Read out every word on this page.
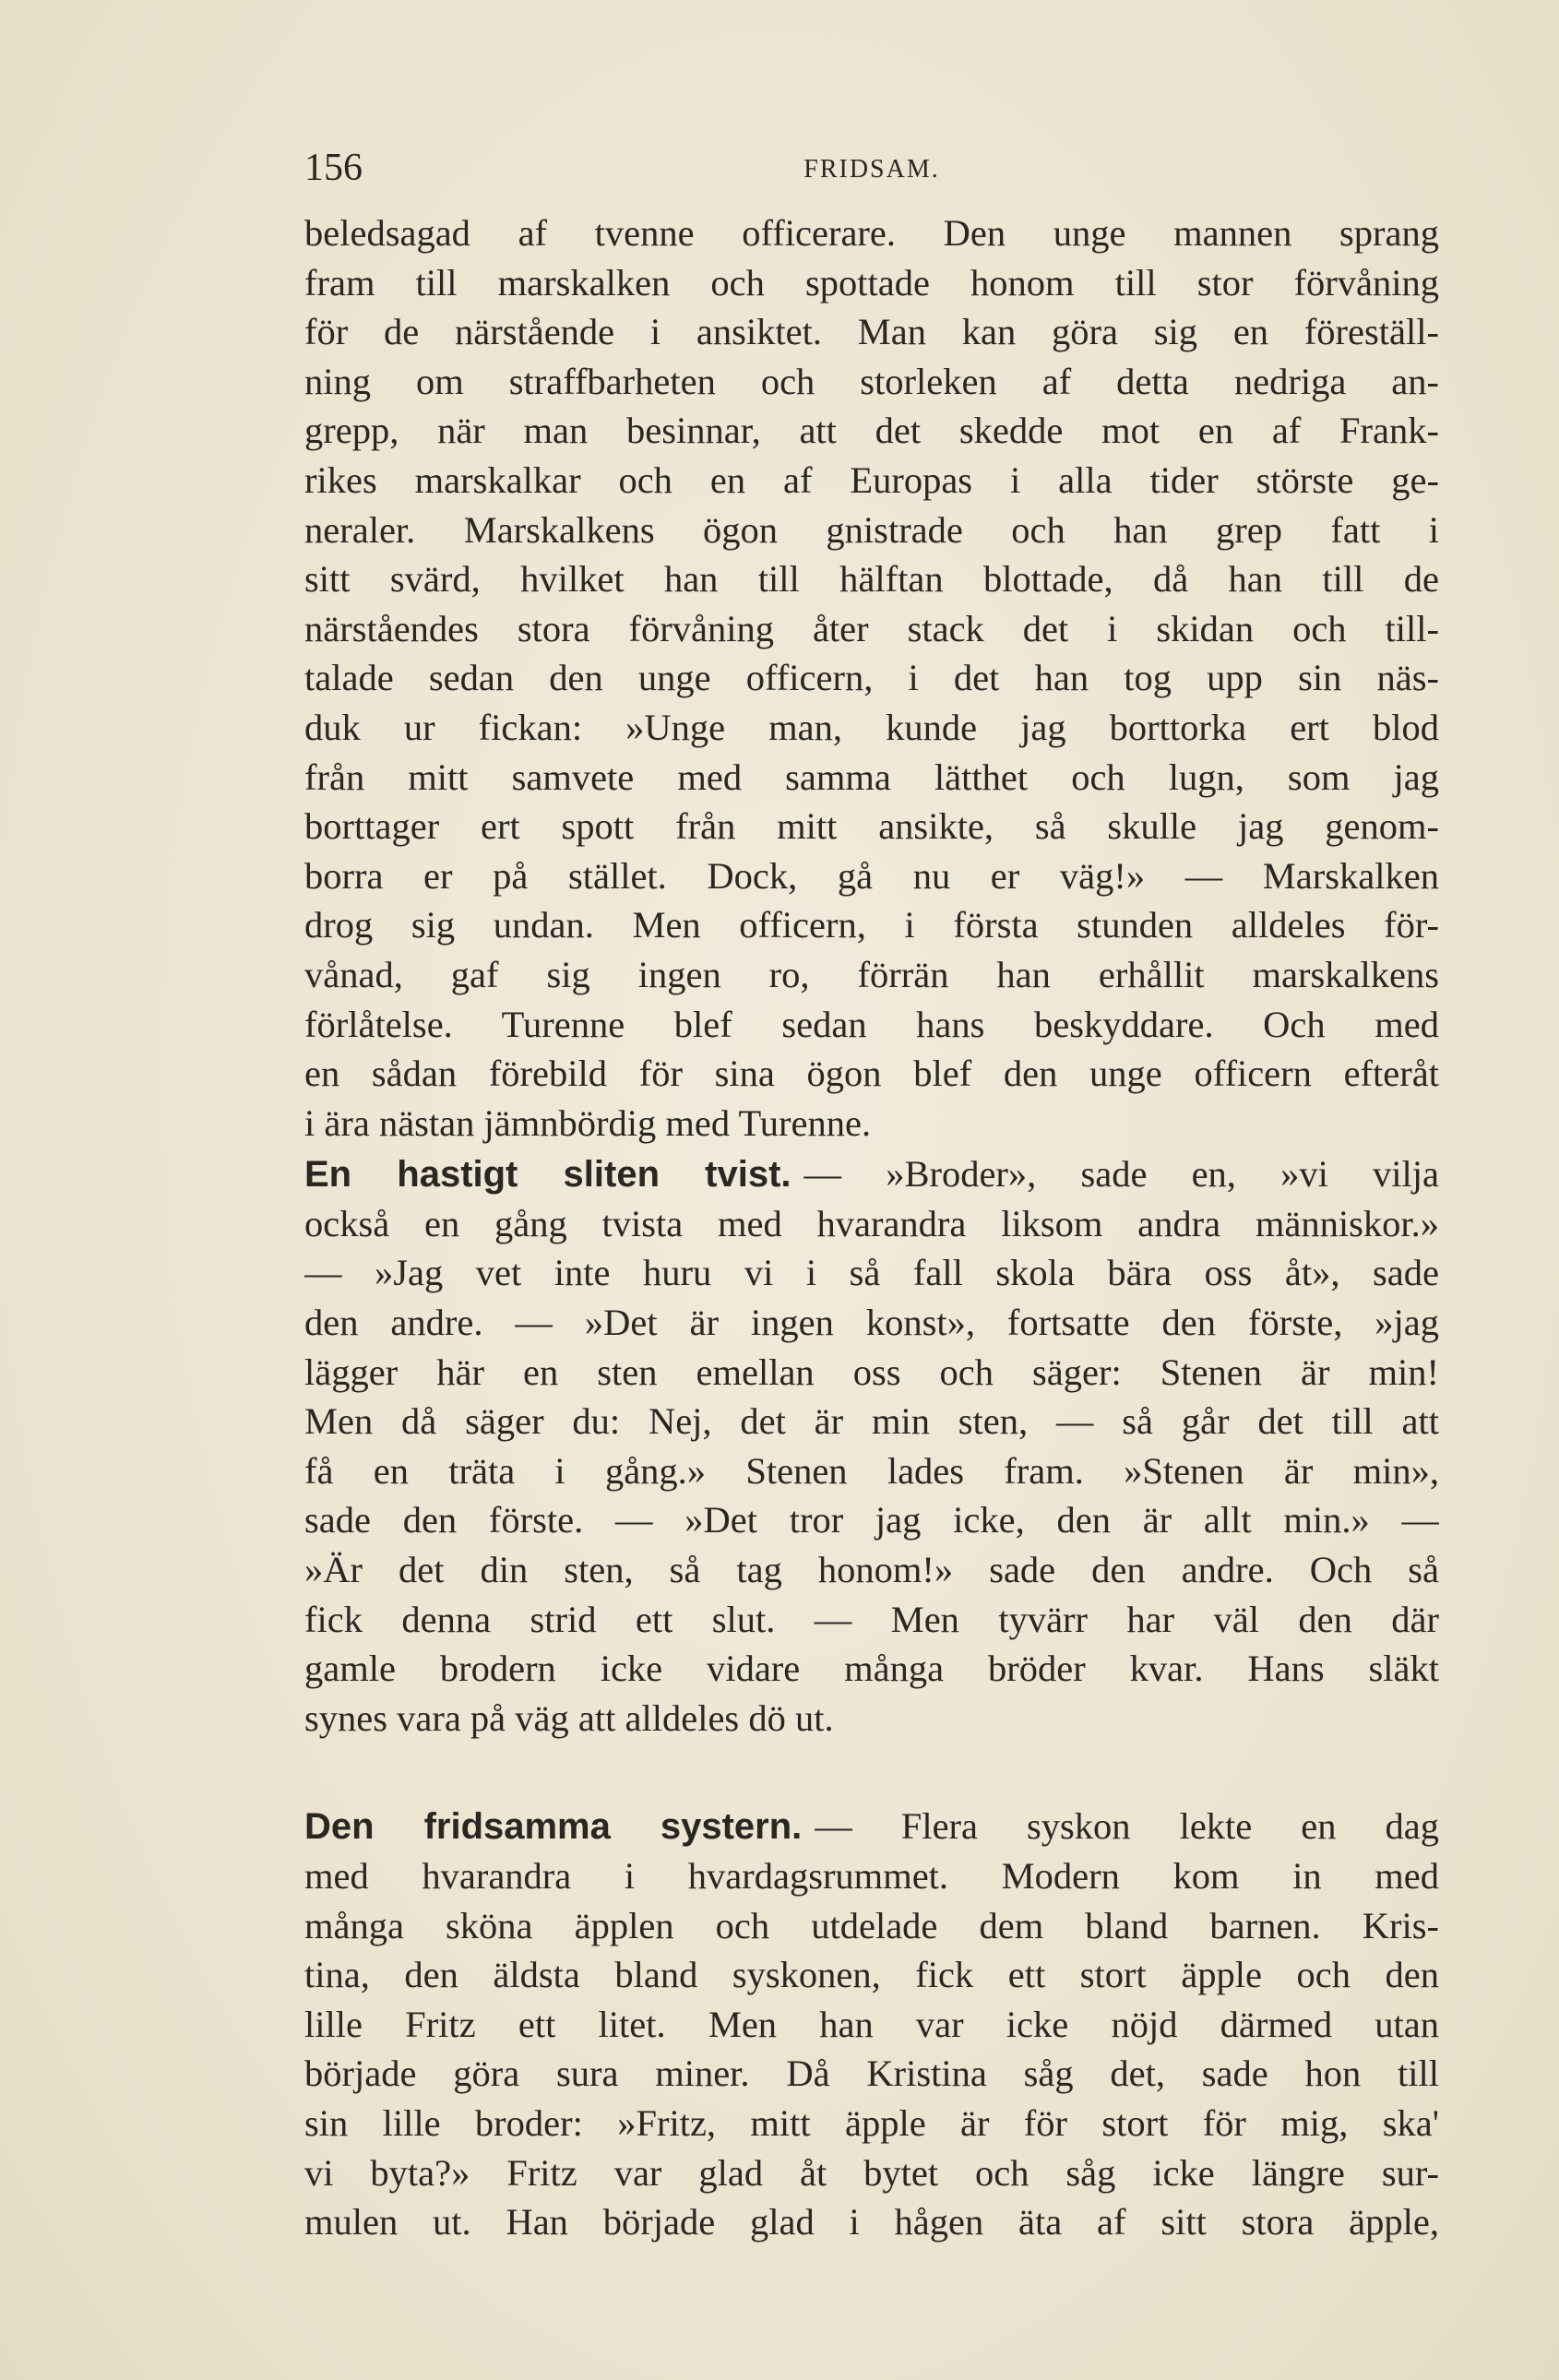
156	FRIDSAM.
beledsagad af tvenne officerare. Den unge mannen sprang
fram till marskalken och spottade honom till stor förvåning
för de närstående i ansiktet. Man kan göra sig en föreställ-
ning om straffbarheten och storleken af detta nedriga an-
grepp, när man besinnar, att det skedde mot en af Frank-
rikes marskalkar och en af Europas i alla tider störste ge-
neraler. Marskalkens ögon gnistrade och han grep fatt i
sitt svärd, hvilket han till hälftan blottade, då han till de
närståendes stora förvåning åter stack det i skidan och till-
talade sedan den unge officern, i det han tog upp sin näs-
duk ur fickan: »Unge man, kunde jag borttorka ert blod
från mitt samvete med samma lätthet och lugn, som jag
borttager ert spott från mitt ansikte, så skulle jag genom-
borra er på stället. Dock, gå nu er väg!» — Marskalken
drog sig undan. Men officern, i första stunden alldeles för-
vånad, gaf sig ingen ro, förrän han erhållit marskalkens
förlåtelse. Turenne blef sedan hans beskyddare. Och med
en sådan förebild för sina ögon blef den unge officern efteråt
i ära nästan jämnbördig med Turenne.
En hastigt sliten tvist. — »Broder», sade en, »vi vilja
också en gång tvista med hvarandra liksom andra människor.»
— »Jag vet inte huru vi i så fall skola bära oss åt», sade
den andre. — »Det är ingen konst», fortsatte den förste, »jag
lägger här en sten emellan oss och säger: Stenen är min!
Men då säger du: Nej, det är min sten, — så går det till att
få en träta i gång.» Stenen lades fram. »Stenen är min»,
sade den förste. — »Det tror jag icke, den är allt min.» —
»Är det din sten, så tag honom!» sade den andre. Och så
fick denna strid ett slut. — Men tyvärr har väl den där
gamle brodern icke vidare många bröder kvar. Hans släkt
synes vara på väg att alldeles dö ut.
Den fridsamma systern. — Flera syskon lekte en dag
med hvarandra i hvardagsrummet. Modern kom in med
många sköna äpplen och utdelade dem bland barnen. Kris-
tina, den äldsta bland syskonen, fick ett stort äpple och den
lille Fritz ett litet. Men han var icke nöjd därmed utan
började göra sura miner. Då Kristina såg det, sade hon till
sin lille broder: »Fritz, mitt äpple är för stort för mig, ska'
vi byta?» Fritz var glad åt bytet och såg icke längre sur-
mulen ut. Han började glad i hågen äta af sitt stora äpple,
